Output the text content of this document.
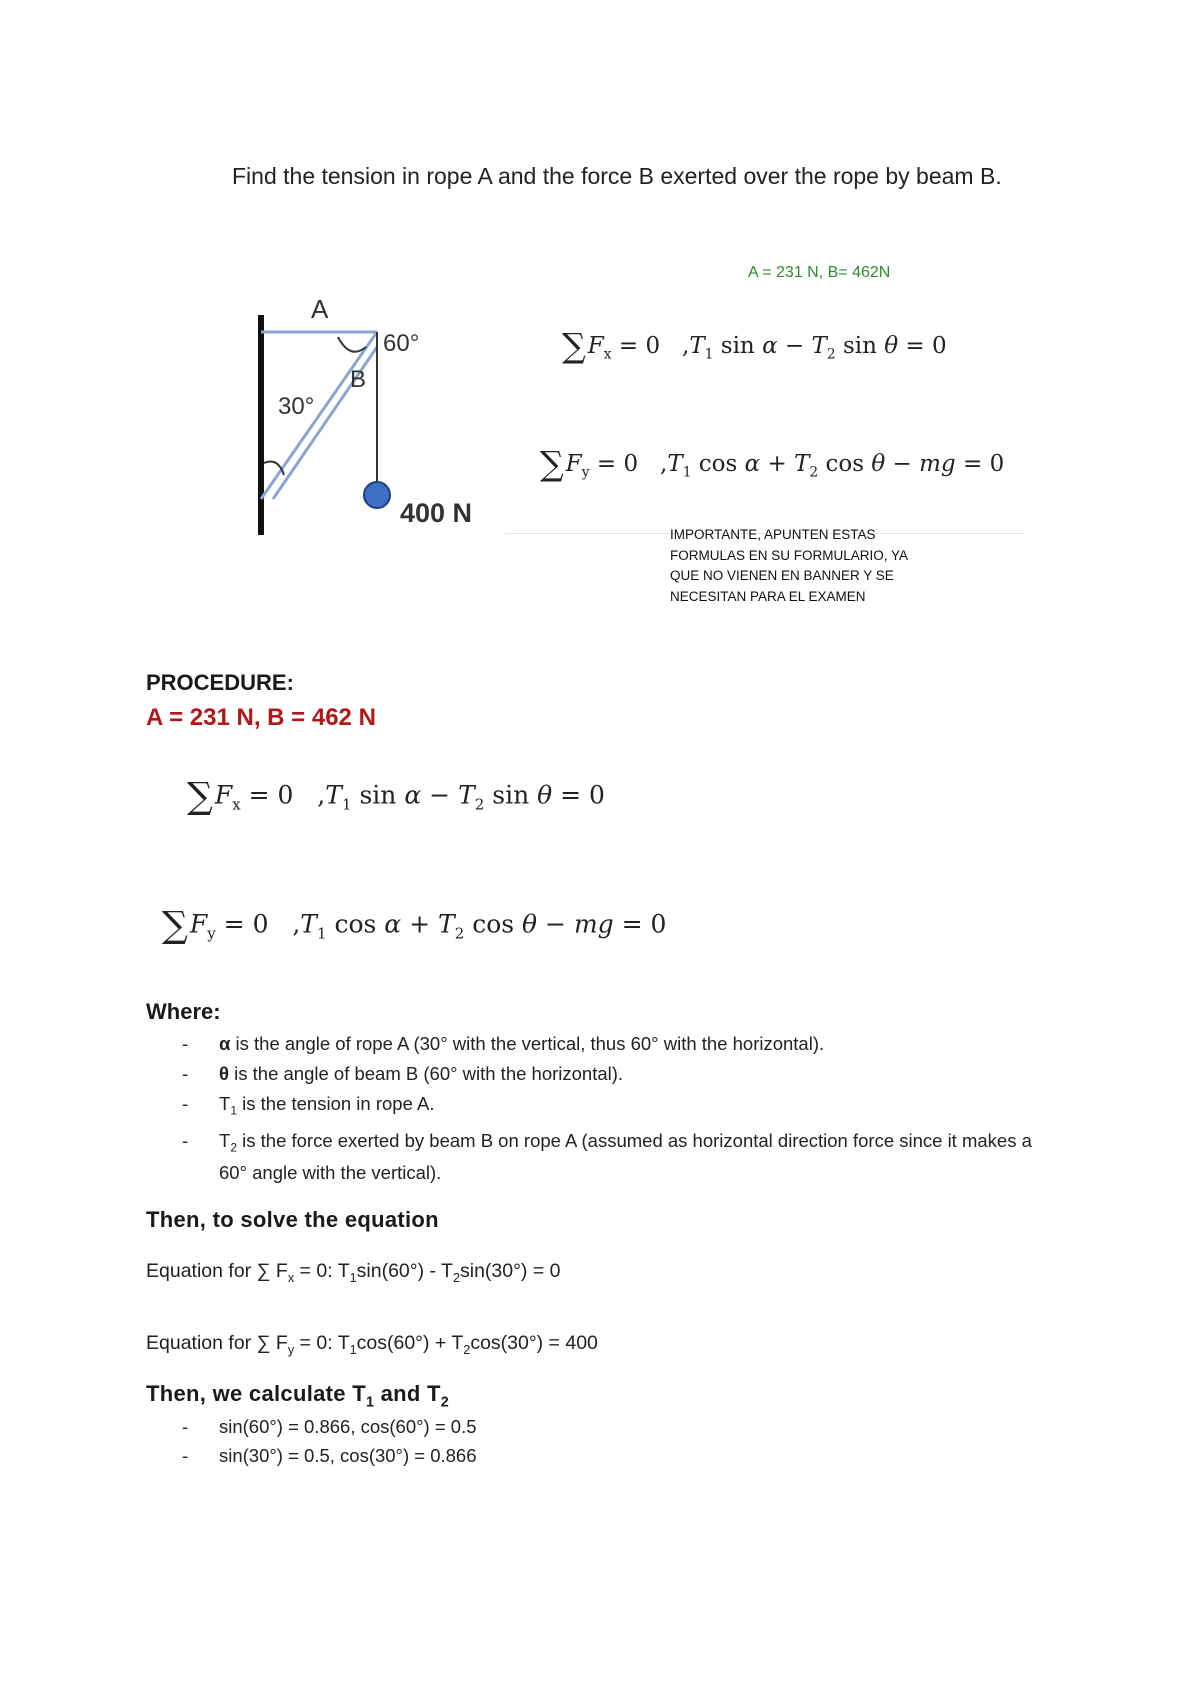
Find the tension in rope A and the force B exerted over the rope by beam B.
A = 231 N, B= 462N
A
B
60°
30°
400 N
$\sum F_x = 0$   $,T_1$ $\sin \alpha - T_2$ sin θ = 0
$\sum F_y = 0$   $,T_1$ $\cos \alpha + T_2$ cos θ − mg = 0
IMPORTANTE, APUNTEN ESTAS FORMULAS EN SU FORMULARIO, YA QUE NO VIENEN EN BANNER Y SE NECESITAN PARA EL EXAMEN
PROCEDURE:
A = 231 N, B = 462 N
$\sum F_x = 0$   $,T_1$ $\sin \alpha - T_2$ sin θ = 0
$\sum F_y = 0$   $,T_1$ $\cos \alpha + T_2$ cos θ − mg = 0
Where:
- α is the angle of rope A (30° with the vertical, thus 60° with the horizontal).
- θ is the angle of beam B (60° with the horizontal).
- $T_1$ is the tension in rope A.
- $T_2$ is the force exerted by beam B on rope A (assumed as horizontal direction force since it makes a 60° angle with the vertical).
Then, to solve the equation
Equation for ∑ $F_x = 0$: $T_1\sin(60^\circ) - T_2\sin(30^\circ) = 0$
Equation for ∑ $F_y = 0$: $T_1\cos(60^\circ) + T_2\cos(30^\circ) = 400$
Then, we calculate $T_1$ and $T_2$
- sin(60°) = 0.866, cos(60°) = 0.5
- sin(30°) = 0.5, cos(30°) = 0.866
